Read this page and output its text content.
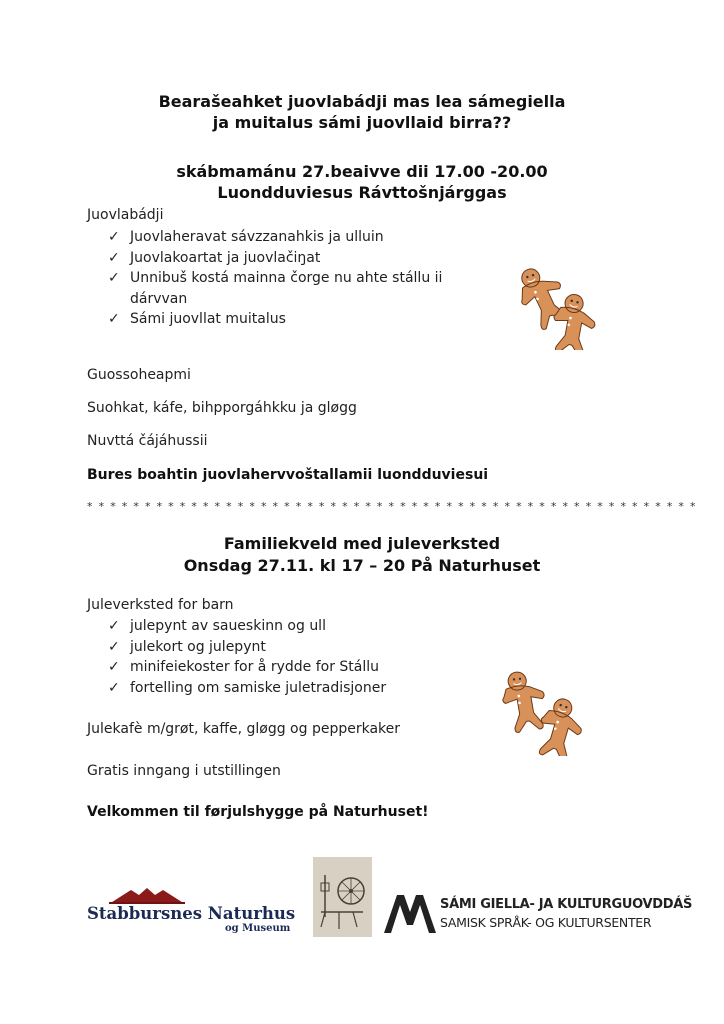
Bearašeahket juovlabádji mas lea sámegiella
ja muitalus sámi juovllaid birra??
skábmamánu 27.beaivve dii 17.00 -20.00
Luondduviesus Rávttošnjárggas
Juovlabádji
✓ Juovlaheravat sávzzanahkis ja ulluin
✓ Juovlakoartat ja juovlačiŋat
✓ Unnibuš kostá mainna čorge nu ahte stállu ii
dárvvan
✓ Sámi juovllat muitalus
Guossoheapmi
Suohkat, káfe, bihpporgáhkku ja gløgg
Nuvttá čájáhussii
Bures boahtin juovlahervvoštallamii luondduviesui
* * * * * * * * * * * * * * * * * * * * * * * * * * * * * * * * * * * * * * * * * * * * * * * * * * * * *
Familiekveld med juleverksted
Onsdag 27.11. kl 17 – 20 På Naturhuset
Juleverksted for barn
✓ julepynt av saueskinn og ull
✓ julekort og julepynt
✓ minifeiekoster for å rydde for Stállu
✓ fortelling om samiske juletradisjoner
Julekafè m/grøt, kaffe, gløgg og pepperkaker
Gratis inngang i utstillingen
Velkommen til førjulshygge på Naturhuset!
Stabbursnes Naturhus
og Museum
SÁMI GIELLA- JA KULTURGUOVDDÁŠ
SAMISK SPRÅK- OG KULTURSENTER
